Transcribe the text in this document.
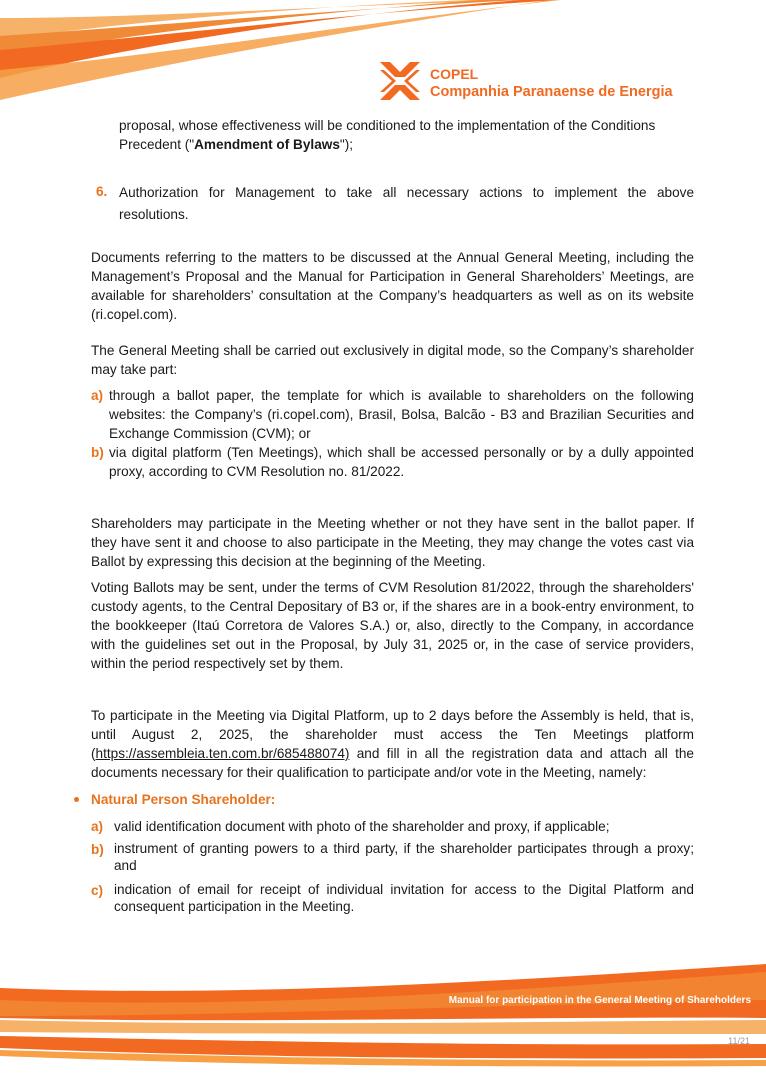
COPEL
Companhia Paranaense de Energia
proposal, whose effectiveness will be conditioned to the implementation of the Conditions
Precedent ("Amendment of Bylaws");
6. Authorization for Management to take all necessary actions to implement the above resolutions.
Documents referring to the matters to be discussed at the Annual General Meeting, including the Management’s Proposal and the Manual for Participation in General Shareholders’ Meetings, are available for shareholders’ consultation at the Company’s headquarters as well as on its website (ri.copel.com).
The General Meeting shall be carried out exclusively in digital mode, so the Company’s shareholder may take part:
a) through a ballot paper, the template for which is available to shareholders on the following websites: the Company’s (ri.copel.com), Brasil, Bolsa, Balcão - B3 and Brazilian Securities and Exchange Commission (CVM); or
b) via digital platform (Ten Meetings), which shall be accessed personally or by a dully appointed proxy, according to CVM Resolution no. 81/2022.
Shareholders may participate in the Meeting whether or not they have sent in the ballot paper. If they have sent it and choose to also participate in the Meeting, they may change the votes cast via Ballot by expressing this decision at the beginning of the Meeting.
Voting Ballots may be sent, under the terms of CVM Resolution 81/2022, through the shareholders' custody agents, to the Central Depositary of B3 or, if the shares are in a book-entry environment, to the bookkeeper (Itaú Corretora de Valores S.A.) or, also, directly to the Company, in accordance with the guidelines set out in the Proposal, by July 31, 2025 or, in the case of service providers, within the period respectively set by them.
To participate in the Meeting via Digital Platform, up to 2 days before the Assembly is held, that is, until August 2, 2025, the shareholder must access the Ten Meetings platform (https://assembleia.ten.com.br/685488074) and fill in all the registration data and attach all the documents necessary for their qualification to participate and/or vote in the Meeting, namely:
Natural Person Shareholder:
a) valid identification document with photo of the shareholder and proxy, if applicable;
b) instrument of granting powers to a third party, if the shareholder participates through a proxy; and
c) indication of email for receipt of individual invitation for access to the Digital Platform and consequent participation in the Meeting.
Manual for participation in the General Meeting of Shareholders
11/21
